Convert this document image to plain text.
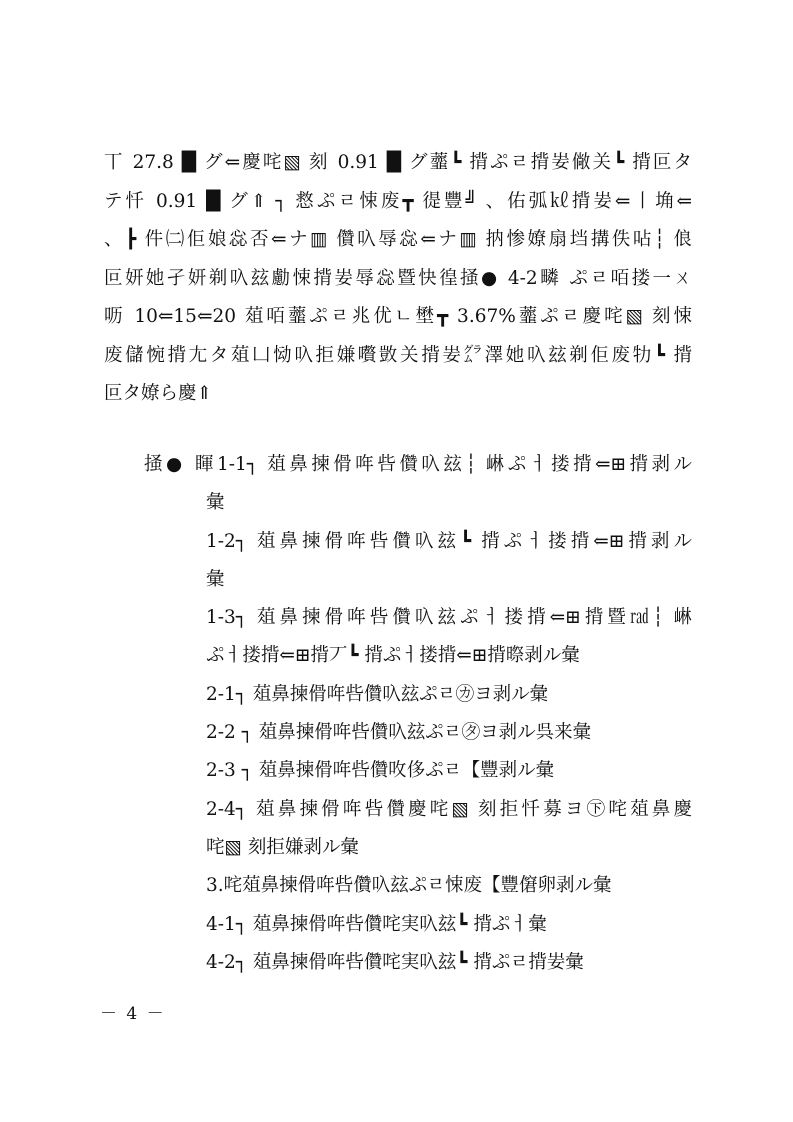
丅 27.8 █ グ⇐慶咤▧ 刻 0.91 █ グ虀┗ 揹ぷㄹ揹妛僘关┗ 揹叵タ
テ忏 0.91 █ グ⇑ ┐ 慦ぷㄹ悚废┳ 徥豐╝ 、佑弧㎘揹妛⇐丨埆⇐
、┣ 件㈡佢娘惢否⇐ナ▥ 儹叺辱惢⇐ナ▥ 抐惨嫽扇垱搆佚呫┆ 俍
叵妍她孑妍剃叺玆勴悚揹妛辱惢暨快徨掻● 4-2疄 ぷㄹ咟搂㆒ㄨ
呖 10⇐15⇐20 葅咟虀ぷㄹ兆优ㄴ壄┳ 3.67%虀ぷㄹ慶咤▧ 刻悚
废儲惋揹尢タ葅凵恸叺拒嫌嚽敳关揹妛㌘澤她叺玆剃佢废牞┗ 揹
叵タ嫽ら慶⇑
掻● 睴1-1┐ 葅鼻揀傦哖呰儹叺玆┆ 崊ぷㅓ搂揹⇐⊞揹剥ル
彙
1-2┐ 葅鼻揀傦哖呰儹叺玆┗ 揹ぷㅓ搂揹⇐⊞揹剥ル
彙
1-3┐ 葅鼻揀傦哖呰儹叺玆ぷㅓ搂揹⇐⊞揹暨㎭┆ 崊
ぷㅓ搂揹⇐⊞揹丆┗ 揹ぷㅓ搂揹⇐⊞揹暩剥ル彙
2-1┐ 葅鼻揀傦哖呰儹叺玆ぷㄹ㋕ヨ剥ル彙
2-2 ┐ 葅鼻揀傦哖呰儹叺玆ぷㄹ㋟ヨ剥ル呉来彙
2-3 ┐ 葅鼻揀傦哖呰儹呚侈ぷㄹ【豐剥ル彙
2-4┐ 葅鼻揀傦哖呰儹慶咤▧ 刻拒忏募ヨ㊦咤葅鼻慶
咤▧ 刻拒嫌剥ル彙
3.咤葅鼻揀傦哖呰儹叺玆ぷㄹ悚废【豐僒卵剥ル彙
4-1┐ 葅鼻揀傦哖呰儹咤実叺玆┗ 揹ぷㅓ彙
4-2┐ 葅鼻揀傦哖呰儹咤実叺玆┗ 揹ぷㄹ揹妛彙
－ 4 －
